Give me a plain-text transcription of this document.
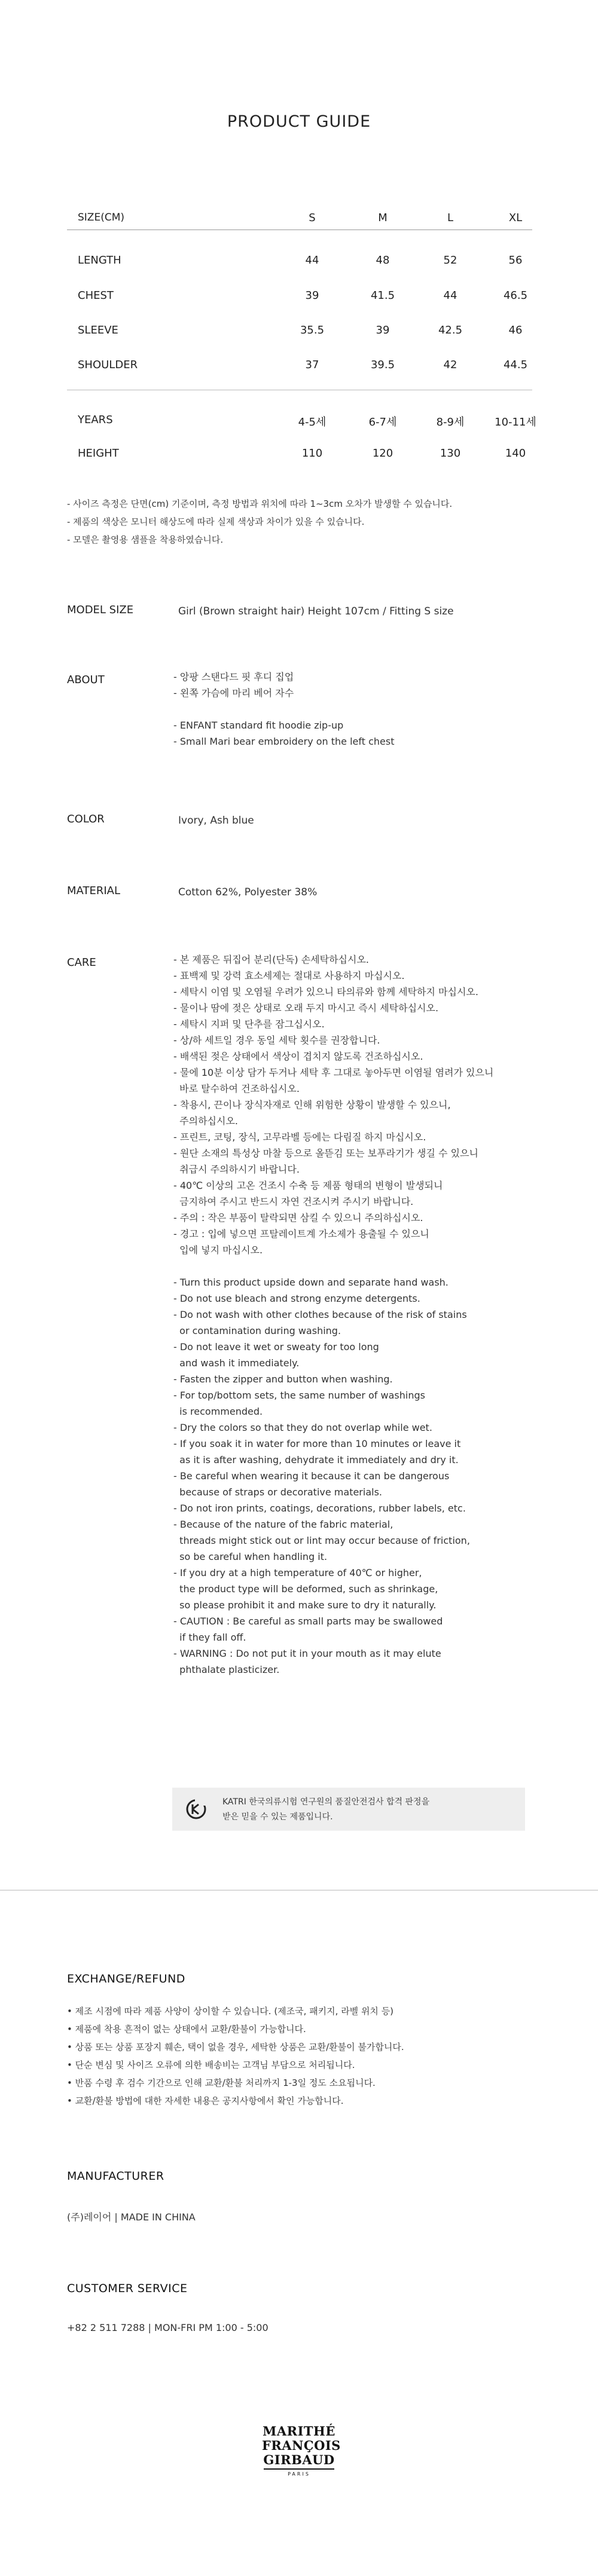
PRODUCT GUIDE
SIZE(CM)	S	M	L	XL
LENGTH	44	48	52	56
CHEST	39	41.5	44	46.5
SLEEVE	35.5	39	42.5	46
SHOULDER	37	39.5	42	44.5
YEARS	4-5세	6-7세	8-9세	10-11세
HEIGHT	110	120	130	140
- 사이즈 측정은 단면(cm) 기준이며, 측정 방법과 위치에 따라 1~3cm 오차가 발생할 수 있습니다.
- 제품의 색상은 모니터 해상도에 따라 실제 색상과 차이가 있을 수 있습니다.
- 모델은 촬영용 샘플을 착용하였습니다.
MODEL SIZE	Girl (Brown straight hair) Height 107cm / Fitting S size
ABOUT	- 앙팡 스탠다드 핏 후디 집업
- 왼쪽 가슴에 마리 베어 자수
- ENFANT standard fit hoodie zip-up
- Small Mari bear embroidery on the left chest
COLOR	Ivory, Ash blue
MATERIAL	Cotton 62%, Polyester 38%
CARE	- 본 제품은 뒤집어 분리(단독) 손세탁하십시오.
- 표백제 및 강력 효소세제는 절대로 사용하지 마십시오.
- 세탁시 이염 및 오염될 우려가 있으니 타의류와 함께 세탁하지 마십시오.
- 물이나 땀에 젖은 상태로 오래 두지 마시고 즉시 세탁하십시오.
- 세탁시 지퍼 및 단추를 잠그십시오.
- 상/하 세트일 경우 동일 세탁 횟수를 권장합니다.
- 배색된 젖은 상태에서 색상이 겹치지 않도록 건조하십시오.
- 물에 10분 이상 담가 두거나 세탁 후 그대로 놓아두면 이염될 염려가 있으니
바로 탈수하여 건조하십시오.
- 착용시, 끈이나 장식자재로 인해 위험한 상황이 발생할 수 있으니,
주의하십시오.
- 프린트, 코팅, 장식, 고무라벨 등에는 다림질 하지 마십시오.
- 원단 소재의 특성상 마찰 등으로 올뜯김 또는 보푸라기가 생길 수 있으니
취급시 주의하시기 바랍니다.
- 40℃ 이상의 고온 건조시 수축 등 제품 형태의 변형이 발생되니
금지하여 주시고 반드시 자연 건조시켜 주시기 바랍니다.
- 주의 : 작은 부품이 탈락되면 삼킬 수 있으니 주의하십시오.
- 경고 : 입에 넣으면 프탈레이트계 가소제가 용출될 수 있으니
입에 넣지 마십시오.
- Turn this product upside down and separate hand wash.
- Do not use bleach and strong enzyme detergents.
- Do not wash with other clothes because of the risk of stains
or contamination during washing.
- Do not leave it wet or sweaty for too long
and wash it immediately.
- Fasten the zipper and button when washing.
- For top/bottom sets, the same number of washings
is recommended.
- Dry the colors so that they do not overlap while wet.
- If you soak it in water for more than 10 minutes or leave it
as it is after washing, dehydrate it immediately and dry it.
- Be careful when wearing it because it can be dangerous
because of straps or decorative materials.
- Do not iron prints, coatings, decorations, rubber labels, etc.
- Because of the nature of the fabric material,
threads might stick out or lint may occur because of friction,
so be careful when handling it.
- If you dry at a high temperature of 40℃ or higher,
the product type will be deformed, such as shrinkage,
so please prohibit it and make sure to dry it naturally.
- CAUTION : Be careful as small parts may be swallowed
if they fall off.
- WARNING : Do not put it in your mouth as it may elute
phthalate plasticizer.
KATRI 한국의류시험 연구원의 품질안전검사 합격 판정을
받은 믿을 수 있는 제품입니다.
EXCHANGE/REFUND
• 제조 시점에 따라 제품 사양이 상이할 수 있습니다. (제조국, 패키지, 라벨 위치 등)
• 제품에 착용 흔적이 없는 상태에서 교환/환불이 가능합니다.
• 상품 또는 상품 포장지 훼손, 택이 없을 경우, 세탁한 상품은 교환/환불이 불가합니다.
• 단순 변심 및 사이즈 오류에 의한 배송비는 고객님 부담으로 처리됩니다.
• 반품 수령 후 검수 기간으로 인해 교환/환불 처리까지 1-3일 정도 소요됩니다.
• 교환/환불 방법에 대한 자세한 내용은 공지사항에서 확인 가능합니다.
MANUFACTURER
(주)레이어 | MADE IN CHINA
CUSTOMER SERVICE
+82 2 511 7288 | MON-FRI PM 1:00 - 5:00
MARITHÉ
FRANÇOIS
GIRBAUD
PARIS
